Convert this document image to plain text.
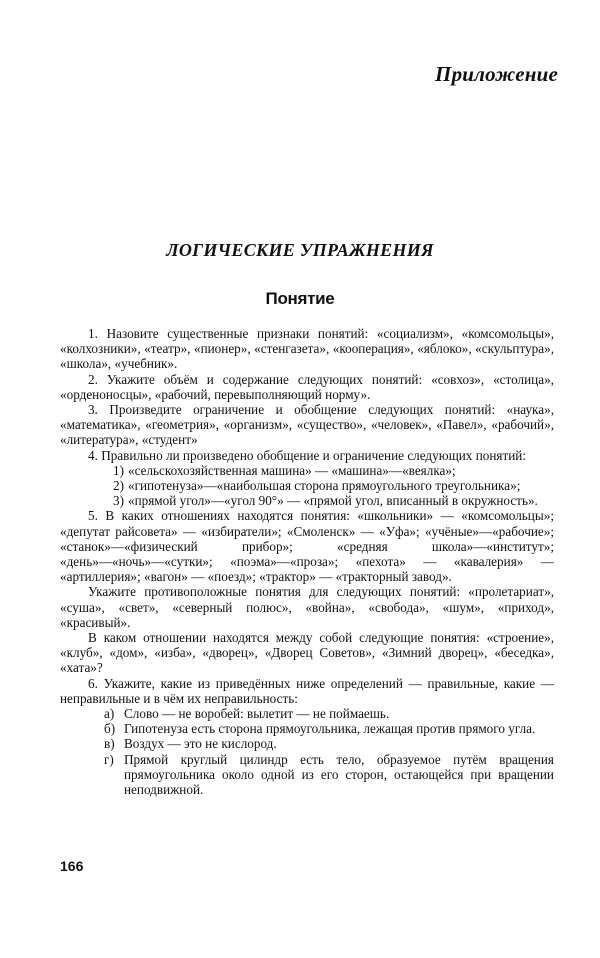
Приложение
ЛОГИЧЕСКИЕ УПРАЖНЕНИЯ
Понятие

1. Назовите существенные признаки понятий: «социализм», «комсомольцы», «колхозники», «театр», «пионер», «стенгазета», «кооперация», «яблоко», «скульптура», «школа», «учебник».

2. Укажите объём и содержание следующих понятий: «совхоз», «столица», «орденоносцы», «рабочий, перевыполняющий норму».

3. Произведите ограничение и обобщение следующих понятий: «наука», «математика», «геометрия», «организм», «существо», «человек», «Павел», «рабочий», «литература», «студент»

4. Правильно ли произведено обобщение и ограничение следующих понятий:

1) «сельскохозяйственная машина» — «машина»—«веялка»;
2) «гипотенуза»—«наибольшая сторона прямоугольного треугольника»;
3) «прямой угол»—«угол 90°» — «прямой угол, вписанный в окружность».

5. В каких отношениях находятся понятия: «школьники» — «комсомольцы»; «депутат райсовета» — «избиратели»; «Смоленск» — «Уфа»; «учёные»—«рабочие»; «станок»—«физический прибор»; «средняя школа»—«институт»; «день»—«ночь»—«сутки»; «поэма»—«проза»; «пехота» — «кавалерия» — «артиллерия»; «вагон» — «поезд»; «трактор» — «тракторный завод».

Укажите противоположные понятия для следующих понятий: «пролетариат», «суша», «свет», «северный полюс», «война», «свобода», «шум», «приход», «красивый».

В каком отношении находятся между собой следующие понятия: «строение», «клуб», «дом», «изба», «дворец», «Дворец Советов», «Зимний дворец», «беседка», «хата»?

6. Укажите, какие из приведённых ниже определений — правильные, какие — неправильные и в чём их неправильность:

а) Слово — не воробей: вылетит — не поймаешь.
б) Гипотенуза есть сторона прямоугольника, лежащая против прямого угла.
в) Воздух — это не кислород.
г) Прямой круглый цилиндр есть тело, образуемое путём вращения прямоугольника около одной из его сторон, остающейся при вращении неподвижной.
166
